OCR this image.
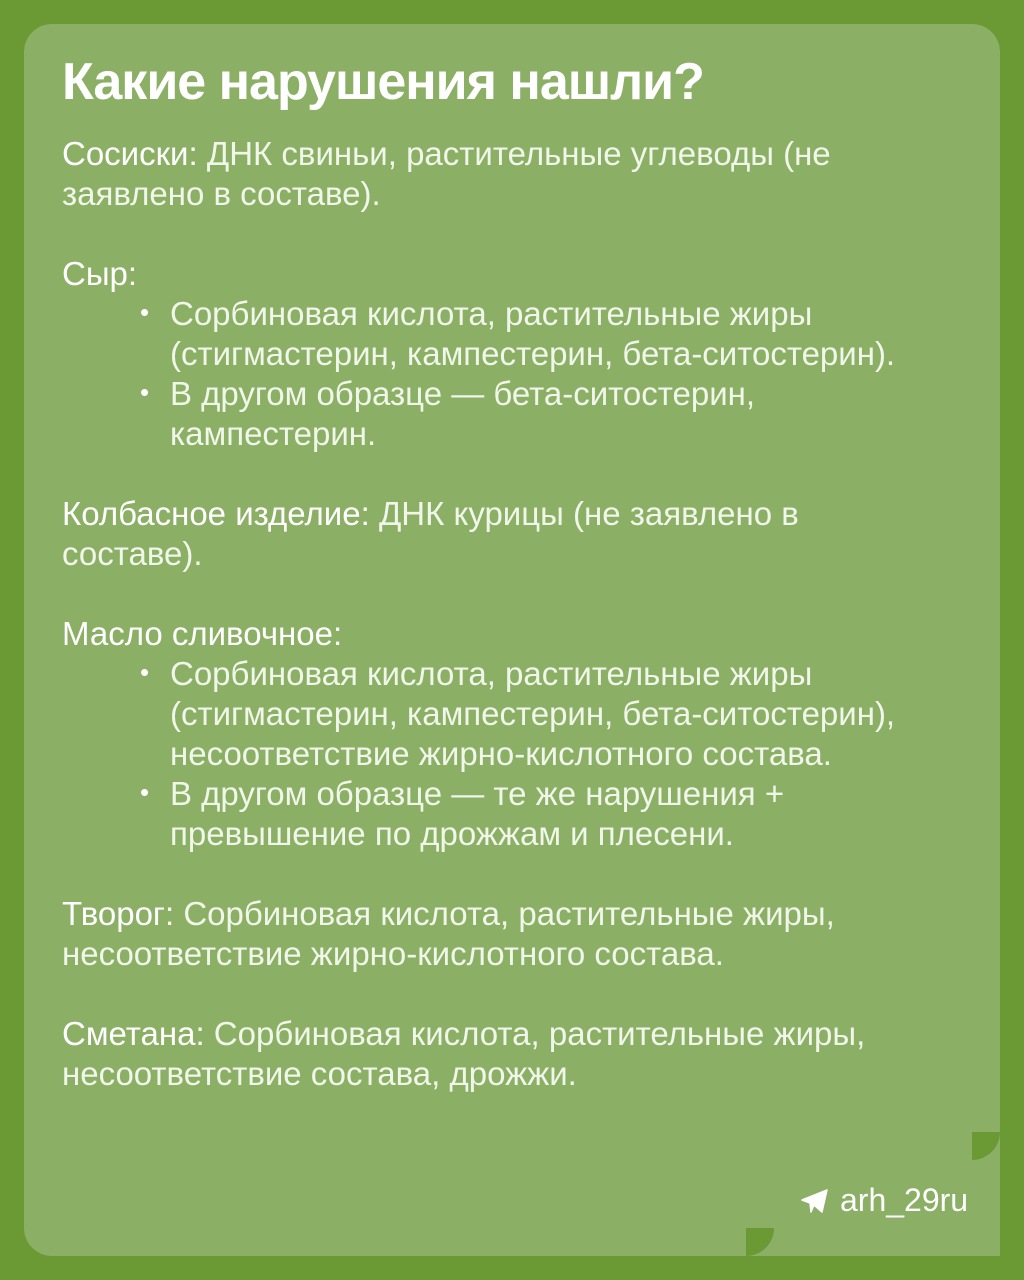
Какие нарушения нашли?
Сосиски: ДНК свиньи, растительные углеводы (не заявлено в составе).
Сыр:
• Сорбиновая кислота, растительные жиры (стигмастерин, кампестерин, бета-ситостерин).
• В другом образце — бета-ситостерин, кампестерин.
Колбасное изделие: ДНК курицы (не заявлено в составе).
Масло сливочное:
• Сорбиновая кислота, растительные жиры (стигмастерин, кампестерин, бета-ситостерин), несоответствие жирно-кислотного состава.
• В другом образце — те же нарушения + превышение по дрожжам и плесени.
Творог: Сорбиновая кислота, растительные жиры, несоответствие жирно-кислотного состава.
Сметана: Сорбиновая кислота, растительные жиры, несоответствие состава, дрожжи.
arh_29ru
